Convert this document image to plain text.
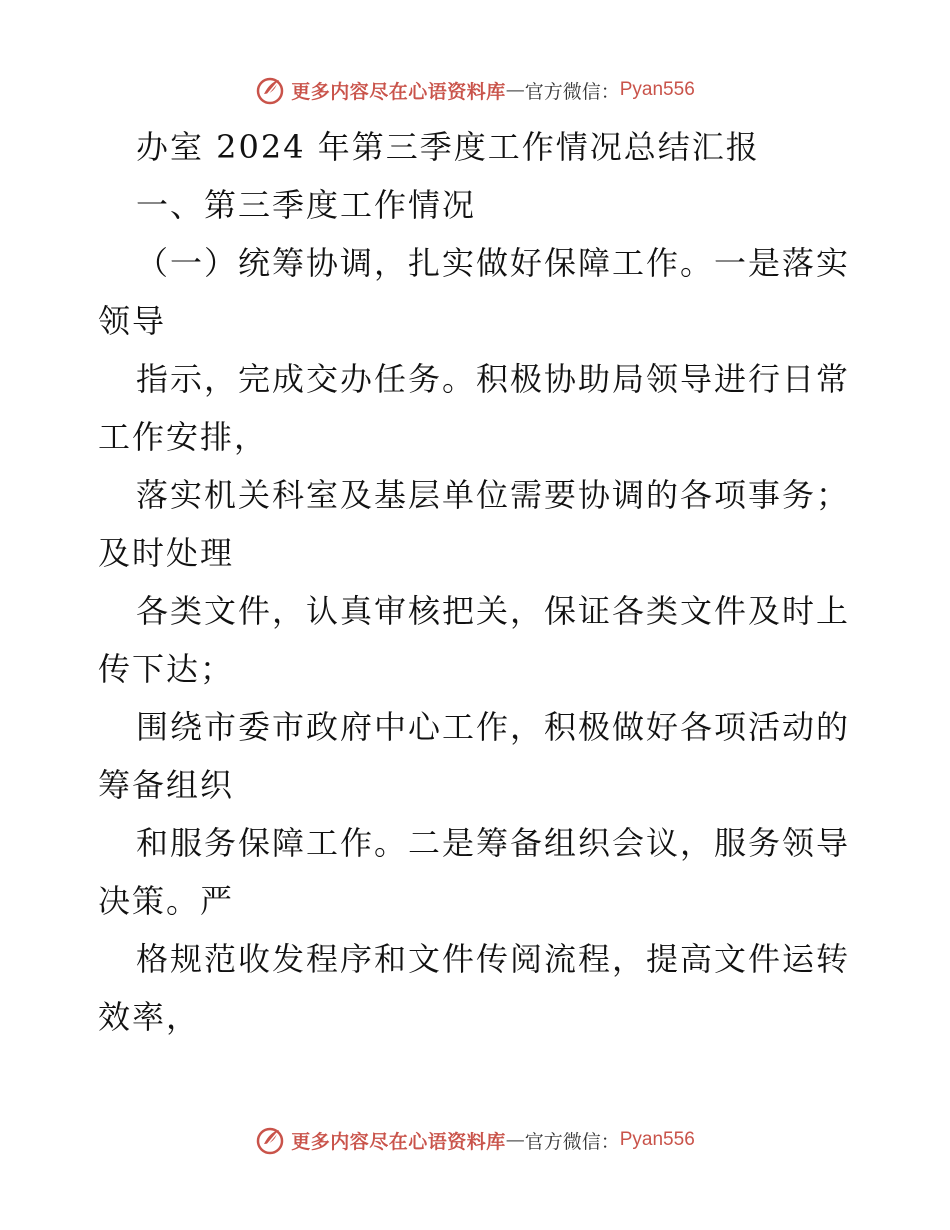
更多内容尽在心语资料库 — 官方微信： Pyan556
办室 2024 年第三季度工作情况总结汇报
一、第三季度工作情况
（一）统筹协调，扎实做好保障工作。一是落实
领导
指示，完成交办任务。积极协助局领导进行日常
工作安排，
落实机关科室及基层单位需要协调的各项事务；
及时处理
各类文件，认真审核把关，保证各类文件及时上
传下达；
围绕市委市政府中心工作，积极做好各项活动的
筹备组织
和服务保障工作。二是筹备组织会议，服务领导
决策。严
格规范收发程序和文件传阅流程，提高文件运转
效率，
更多内容尽在心语资料库 — 官方微信： Pyan556
